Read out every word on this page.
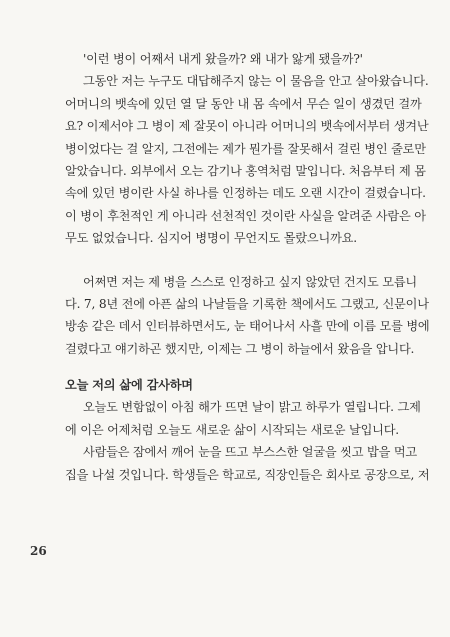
'이런 병이 어째서 내게 왔을까? 왜 내가 앓게 됐을까?'
그동안 저는 누구도 대답해주지 않는 이 물음을 안고 살아왔습니다.
어머니의 뱃속에 있던 열 달 동안 내 몸 속에서 무슨 일이 생겼던 걸까
요? 이제서야 그 병이 제 잘못이 아니라 어머니의 뱃속에서부터 생겨난
병이었다는 걸 알지, 그전에는 제가 뭔가를 잘못해서 걸린 병인 줄로만
알았습니다. 외부에서 오는 감기나 홍역처럼 말입니다. 처음부터 제 몸
속에 있던 병이란 사실 하나를 인정하는 데도 오랜 시간이 걸렸습니다.
이 병이 후천적인 게 아니라 선천적인 것이란 사실을 알려준 사람은 아
무도 없었습니다. 심지어 병명이 무언지도 몰랐으니까요.
어쩌면 저는 제 병을 스스로 인정하고 싶지 않았던 건지도 모릅니
다. 7, 8년 전에 아픈 삶의 나날들을 기록한 책에서도 그랬고, 신문이나
방송 같은 데서 인터뷰하면서도, 눈 태어나서 사흘 만에 이름 모를 병에
걸렸다고 얘기하곤 했지만, 이제는 그 병이 하늘에서 왔음을 압니다.
오늘 저의 삶에 감사하며
오늘도 변함없이 아침 해가 뜨면 날이 밝고 하루가 열립니다. 그제
에 이은 어제처럼 오늘도 새로운 삶이 시작되는 새로운 날입니다.
사람들은 잠에서 깨어 눈을 뜨고 부스스한 얼굴을 씻고 밥을 먹고
집을 나설 것입니다. 학생들은 학교로, 직장인들은 회사로 공장으로, 저
26
